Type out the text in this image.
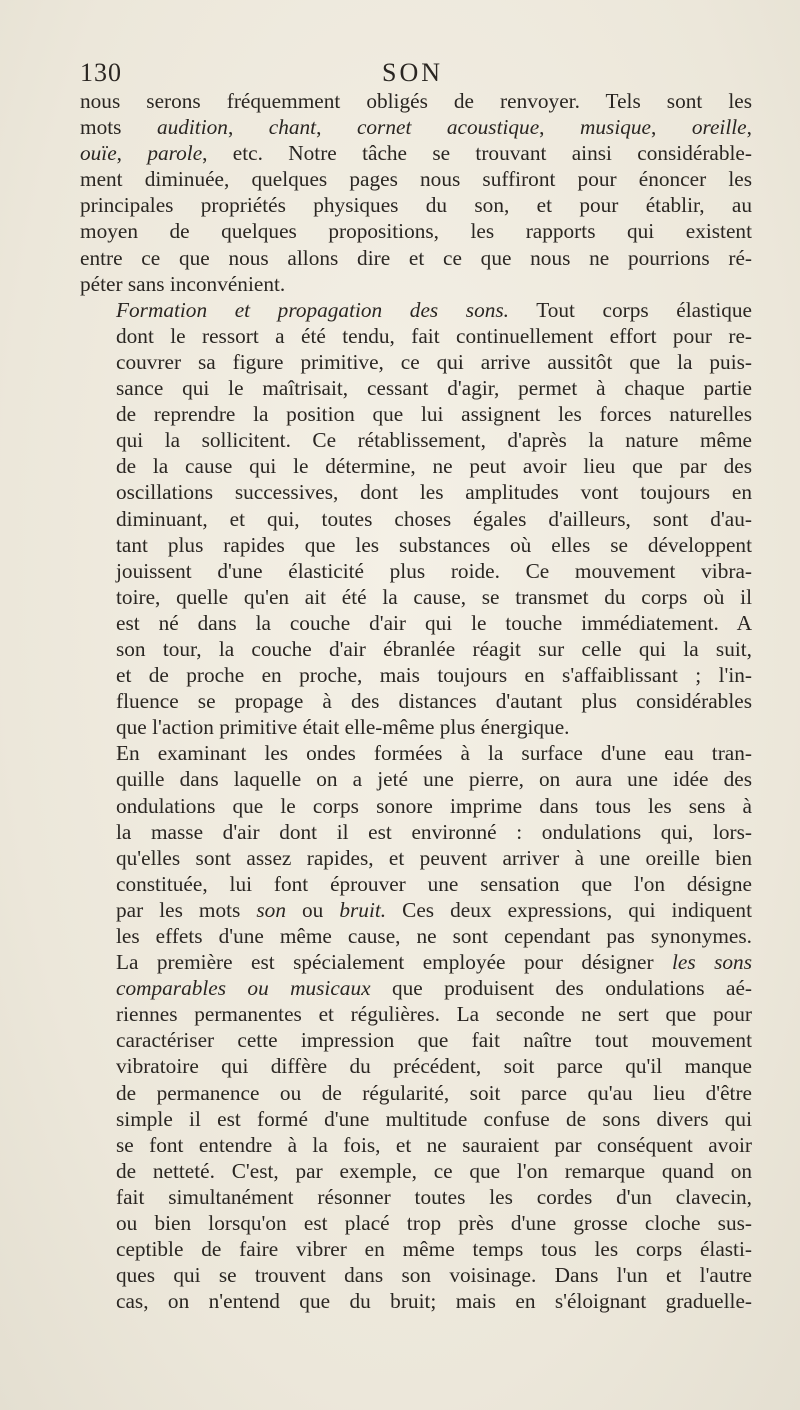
130	SON
nous serons fréquemment obligés de renvoyer. Tels sont les
mots audition, chant, cornet acoustique, musique, oreille,
ouïe, parole, etc. Notre tâche se trouvant ainsi considérable-
ment diminuée, quelques pages nous suffiront pour énoncer les
principales propriétés physiques du son, et pour établir, au
moyen de quelques propositions, les rapports qui existent
entre ce que nous allons dire et ce que nous ne pourrions ré-
péter sans inconvénient.
Formation et propagation des sons. Tout corps élastique
dont le ressort a été tendu, fait continuellement effort pour re-
couvrer sa figure primitive, ce qui arrive aussitôt que la puis-
sance qui le maîtrisait, cessant d'agir, permet à chaque partie
de reprendre la position que lui assignent les forces naturelles
qui la sollicitent. Ce rétablissement, d'après la nature même
de la cause qui le détermine, ne peut avoir lieu que par des
oscillations successives, dont les amplitudes vont toujours en
diminuant, et qui, toutes choses égales d'ailleurs, sont d'au-
tant plus rapides que les substances où elles se développent
jouissent d'une élasticité plus roide. Ce mouvement vibra-
toire, quelle qu'en ait été la cause, se transmet du corps où il
est né dans la couche d'air qui le touche immédiatement. A
son tour, la couche d'air ébranlée réagit sur celle qui la suit,
et de proche en proche, mais toujours en s'affaiblissant ; l'in-
fluence se propage à des distances d'autant plus considérables
que l'action primitive était elle-même plus énergique.
En examinant les ondes formées à la surface d'une eau tran-
quille dans laquelle on a jeté une pierre, on aura une idée des
ondulations que le corps sonore imprime dans tous les sens à
la masse d'air dont il est environné : ondulations qui, lors-
qu'elles sont assez rapides, et peuvent arriver à une oreille bien
constituée, lui font éprouver une sensation que l'on désigne
par les mots son ou bruit. Ces deux expressions, qui indiquent
les effets d'une même cause, ne sont cependant pas synonymes.
La première est spécialement employée pour désigner les sons
comparables ou musicaux que produisent des ondulations aé-
riennes permanentes et régulières. La seconde ne sert que pour
caractériser cette impression que fait naître tout mouvement
vibratoire qui diffère du précédent, soit parce qu'il manque
de permanence ou de régularité, soit parce qu'au lieu d'être
simple il est formé d'une multitude confuse de sons divers qui
se font entendre à la fois, et ne sauraient par conséquent avoir
de netteté. C'est, par exemple, ce que l'on remarque quand on
fait simultanément résonner toutes les cordes d'un clavecin,
ou bien lorsqu'on est placé trop près d'une grosse cloche sus-
ceptible de faire vibrer en même temps tous les corps élasti-
ques qui se trouvent dans son voisinage. Dans l'un et l'autre
cas, on n'entend que du bruit; mais en s'éloignant graduelle-
